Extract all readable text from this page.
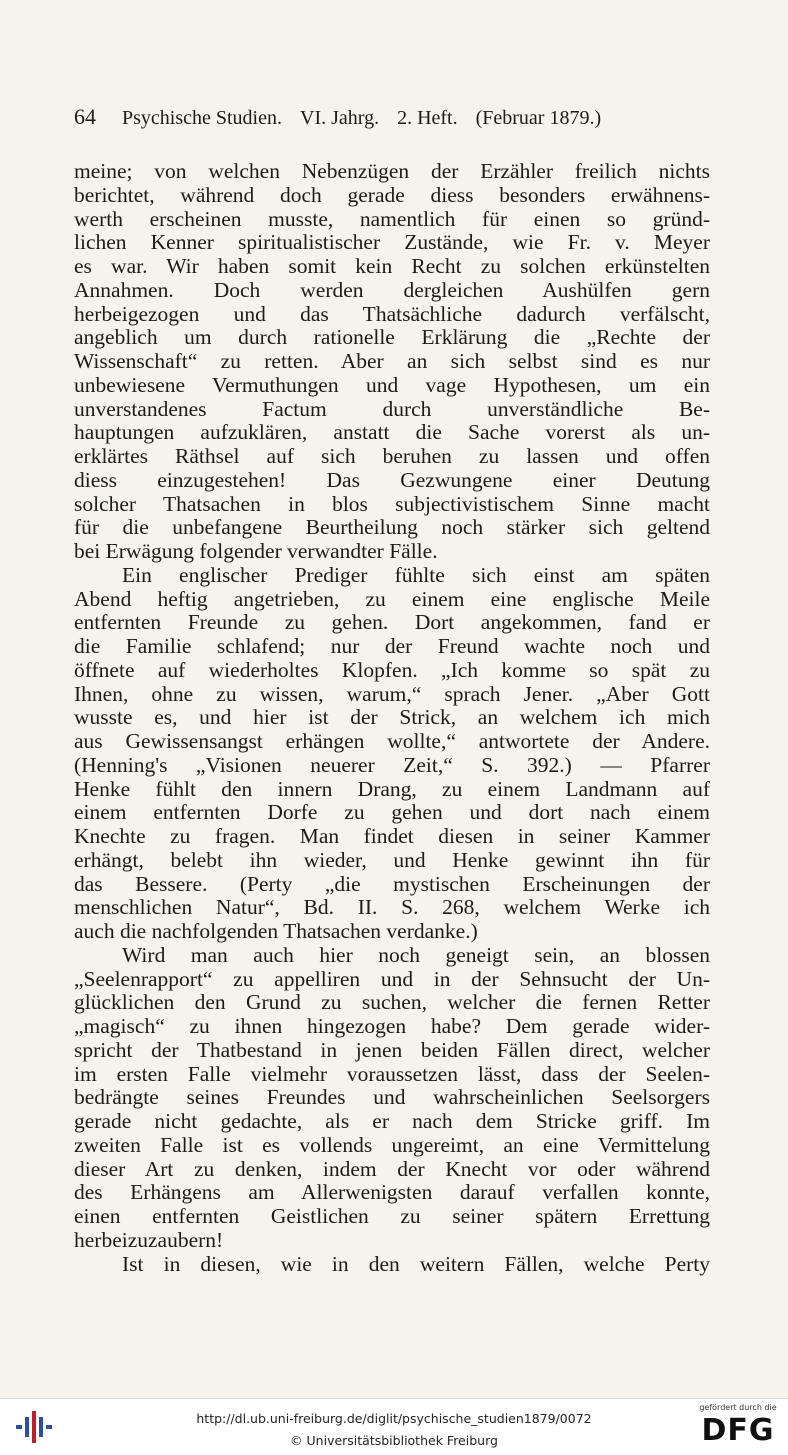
64 Psychische Studien. VI. Jahrg. 2. Heft. (Februar 1879.)
meine; von welchen Nebenzügen der Erzähler freilich nichts
berichtet, während doch gerade diess besonders erwähnens-
werth erscheinen musste, namentlich für einen so gründ-
lichen Kenner spiritualistischer Zustände, wie Fr. v. Meyer
es war. Wir haben somit kein Recht zu solchen erkünstelten
Annahmen. Doch werden dergleichen Aushülfen gern
herbeigezogen und das Thatsächliche dadurch verfälscht,
angeblich um durch rationelle Erklärung die „Rechte der
Wissenschaft“ zu retten. Aber an sich selbst sind es nur
unbewiesene Vermuthungen und vage Hypothesen, um ein
unverstandenes Factum durch unverständliche Be-
hauptungen aufzuklären, anstatt die Sache vorerst als un-
erklärtes Räthsel auf sich beruhen zu lassen und offen
diess einzugestehen! Das Gezwungene einer Deutung
solcher Thatsachen in blos subjectivistischem Sinne macht
für die unbefangene Beurtheilung noch stärker sich geltend
bei Erwägung folgender verwandter Fälle.
Ein englischer Prediger fühlte sich einst am späten
Abend heftig angetrieben, zu einem eine englische Meile
entfernten Freunde zu gehen. Dort angekommen, fand er
die Familie schlafend; nur der Freund wachte noch und
öffnete auf wiederholtes Klopfen. „Ich komme so spät zu
Ihnen, ohne zu wissen, warum,“ sprach Jener. „Aber Gott
wusste es, und hier ist der Strick, an welchem ich mich
aus Gewissensangst erhängen wollte,“ antwortete der Andere.
(Henning's „Visionen neuerer Zeit,“ S. 392.) — Pfarrer
Henke fühlt den innern Drang, zu einem Landmann auf
einem entfernten Dorfe zu gehen und dort nach einem
Knechte zu fragen. Man findet diesen in seiner Kammer
erhängt, belebt ihn wieder, und Henke gewinnt ihn für
das Bessere. (Perty „die mystischen Erscheinungen der
menschlichen Natur“, Bd. II. S. 268, welchem Werke ich
auch die nachfolgenden Thatsachen verdanke.)
Wird man auch hier noch geneigt sein, an blossen
„Seelenrapport“ zu appelliren und in der Sehnsucht der Un-
glücklichen den Grund zu suchen, welcher die fernen Retter
„magisch“ zu ihnen hingezogen habe? Dem gerade wider-
spricht der Thatbestand in jenen beiden Fällen direct, welcher
im ersten Falle vielmehr voraussetzen lässt, dass der Seelen-
bedrängte seines Freundes und wahrscheinlichen Seelsorgers
gerade nicht gedachte, als er nach dem Stricke griff. Im
zweiten Falle ist es vollends ungereimt, an eine Vermittelung
dieser Art zu denken, indem der Knecht vor oder während
des Erhängens am Allerwenigsten darauf verfallen konnte,
einen entfernten Geistlichen zu seiner spätern Errettung
herbeizuzaubern!
Ist in diesen, wie in den weitern Fällen, welche Perty
http://dl.ub.uni-freiburg.de/diglit/psychische_studien1879/0072
© Universitätsbibliothek Freiburg
gefördert durch die
DFG
